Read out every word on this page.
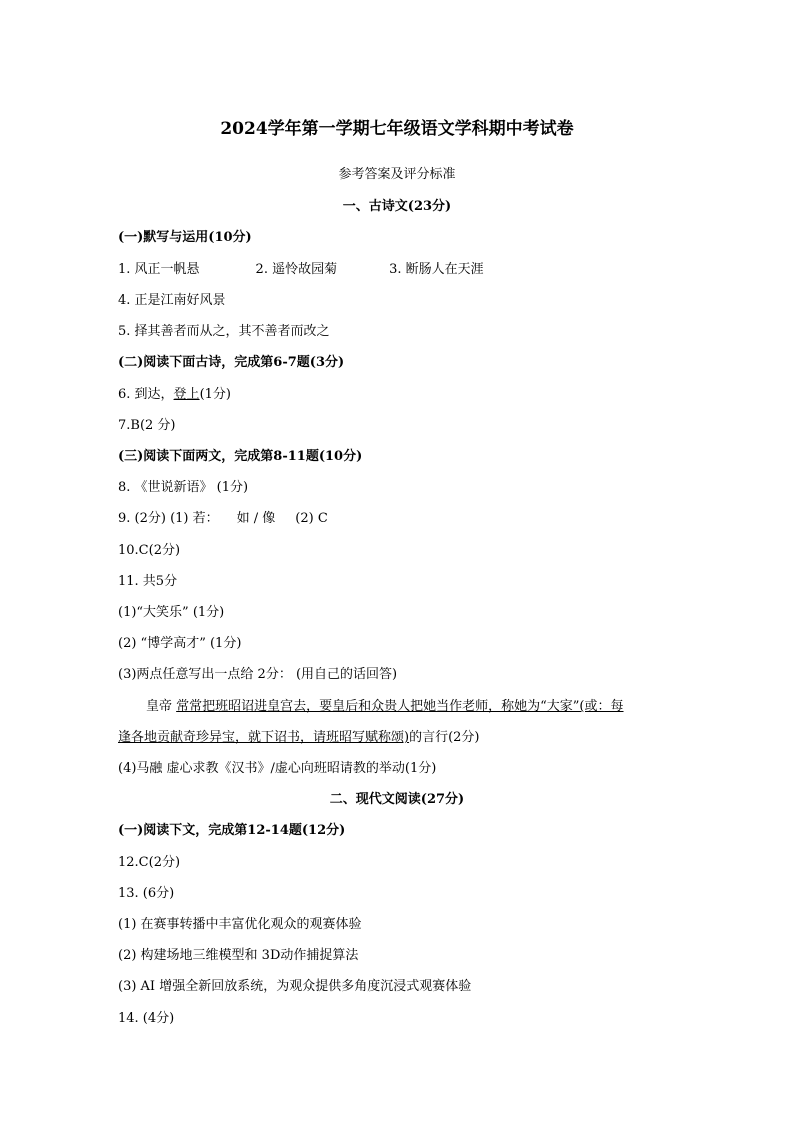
2024学年第一学期七年级语文学科期中考试卷
参考答案及评分标准
一、古诗文(23分)
(一)默写与运用(10分)
1. 风正一帆悬	2. 遥怜故园菊	3. 断肠人在天涯
4. 正是江南好风景
5. 择其善者而从之，其不善者而改之
(二)阅读下面古诗，完成第6-7题(3分)
6. 到达，登上(1分)
7.B(2 分)
(三)阅读下面两文，完成第8-11题(10分)
8. 《世说新语》 (1分)
9. (2分) (1) 若： 如 / 像 (2) C
10.C(2分)
11. 共5分
(1)“大笑乐” (1分)
(2) “博学高才” (1分)
(3)两点任意写出一点给 2分： (用自己的话回答)
皇帝 常常把班昭诏进皇宫去，要皇后和众贵人把她当作老师，称她为“大家”(或：每
逢各地贡献奇珍异宝，就下诏书，请班昭写赋称颂)的言行(2分)
(4)马融 虚心求教《汉书》/虚心向班昭请教的举动(1分)
二、现代文阅读(27分)
(一)阅读下文，完成第12-14题(12分)
12.C(2分)
13. (6分)
(1) 在赛事转播中丰富优化观众的观赛体验
(2) 构建场地三维模型和 3D动作捕捉算法
(3) AI 增强全新回放系统，为观众提供多角度沉浸式观赛体验
14. (4分)
